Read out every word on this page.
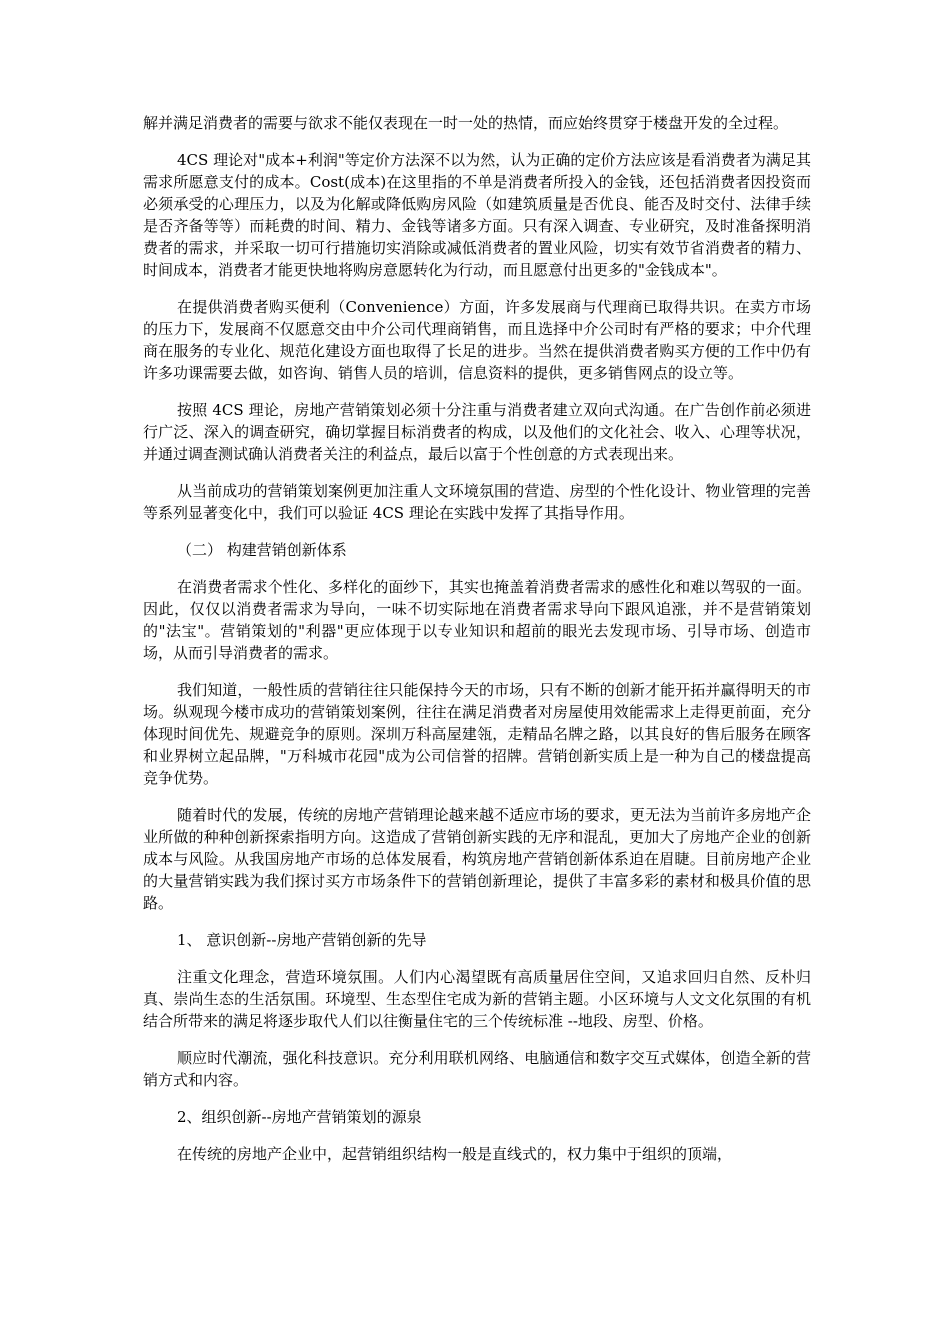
解并满足消费者的需要与欲求不能仅表现在一时一处的热情，而应始终贯穿于楼盘开发的全过程。

4CS 理论对"成本+利润"等定价方法深不以为然，认为正确的定价方法应该是看消费者为满足其需求所愿意支付的成本。Cost(成本)在这里指的不单是消费者所投入的金钱，还包括消费者因投资而必须承受的心理压力，以及为化解或降低购房风险（如建筑质量是否优良、能否及时交付、法律手续是否齐备等等）而耗费的时间、精力、金钱等诸多方面。只有深入调查、专业研究，及时准备探明消费者的需求，并采取一切可行措施切实消除或减低消费者的置业风险，切实有效节省消费者的精力、时间成本，消费者才能更快地将购房意愿转化为行动，而且愿意付出更多的"金钱成本"。

在提供消费者购买便利（Convenience）方面，许多发展商与代理商已取得共识。在卖方市场的压力下，发展商不仅愿意交由中介公司代理商销售，而且选择中介公司时有严格的要求；中介代理商在服务的专业化、规范化建设方面也取得了长足的进步。当然在提供消费者购买方便的工作中仍有许多功课需要去做，如咨询、销售人员的培训，信息资料的提供，更多销售网点的设立等。

按照 4CS 理论，房地产营销策划必须十分注重与消费者建立双向式沟通。在广告创作前必须进行广泛、深入的调查研究，确切掌握目标消费者的构成，以及他们的文化社会、收入、心理等状况，并通过调查测试确认消费者关注的利益点，最后以富于个性创意的方式表现出来。

从当前成功的营销策划案例更加注重人文环境氛围的营造、房型的个性化设计、物业管理的完善等系列显著变化中，我们可以验证 4CS 理论在实践中发挥了其指导作用。

（二） 构建营销创新体系

在消费者需求个性化、多样化的面纱下，其实也掩盖着消费者需求的感性化和难以驾驭的一面。因此，仅仅以消费者需求为导向，一味不切实际地在消费者需求导向下跟风追涨，并不是营销策划的"法宝"。营销策划的"利器"更应体现于以专业知识和超前的眼光去发现市场、引导市场、创造市场，从而引导消费者的需求。

我们知道，一般性质的营销往往只能保持今天的市场，只有不断的创新才能开拓并赢得明天的市场。纵观现今楼市成功的营销策划案例，往往在满足消费者对房屋使用效能需求上走得更前面，充分体现时间优先、规避竞争的原则。深圳万科高屋建瓴，走精品名牌之路，以其良好的售后服务在顾客和业界树立起品牌，"万科城市花园"成为公司信誉的招牌。营销创新实质上是一种为自己的楼盘提高竞争优势。

随着时代的发展，传统的房地产营销理论越来越不适应市场的要求，更无法为当前许多房地产企业所做的种种创新探索指明方向。这造成了营销创新实践的无序和混乱，更加大了房地产企业的创新成本与风险。从我国房地产市场的总体发展看，构筑房地产营销创新体系迫在眉睫。目前房地产企业的大量营销实践为我们探讨买方市场条件下的营销创新理论，提供了丰富多彩的素材和极具价值的思路。

1、 意识创新--房地产营销创新的先导

注重文化理念，营造环境氛围。人们内心渴望既有高质量居住空间，又追求回归自然、反朴归真、崇尚生态的生活氛围。环境型、生态型住宅成为新的营销主题。小区环境与人文文化氛围的有机结合所带来的满足将逐步取代人们以往衡量住宅的三个传统标准 --地段、房型、价格。

顺应时代潮流，强化科技意识。充分利用联机网络、电脑通信和数字交互式媒体，创造全新的营销方式和内容。

2、组织创新--房地产营销策划的源泉

在传统的房地产企业中，起营销组织结构一般是直线式的，权力集中于组织的顶端，
